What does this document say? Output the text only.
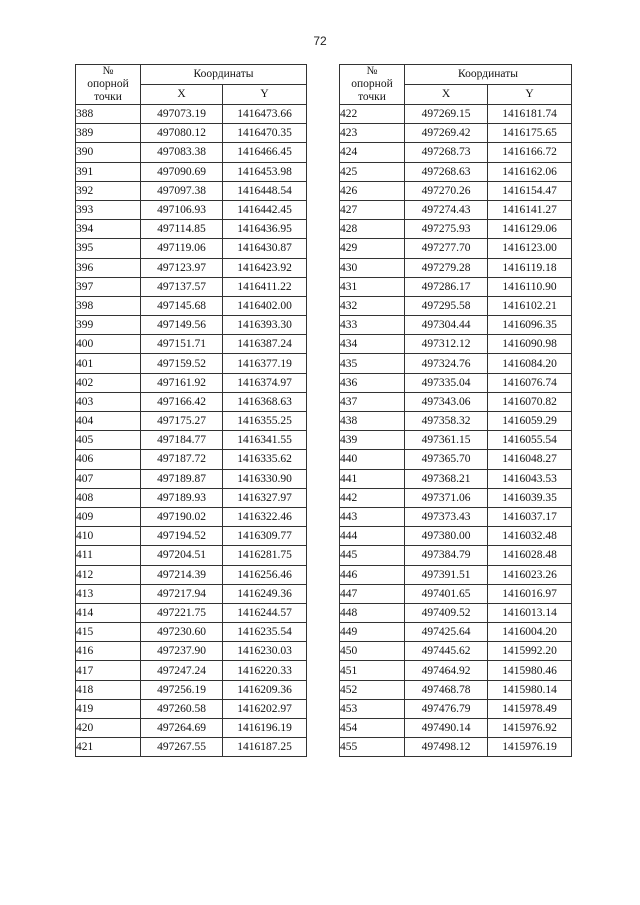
72
№
опорной
точки	Координаты	
	X	Y
388	497073.19	1416473.66
389	497080.12	1416470.35
390	497083.38	1416466.45
391	497090.69	1416453.98
392	497097.38	1416448.54
393	497106.93	1416442.45
394	497114.85	1416436.95
395	497119.06	1416430.87
396	497123.97	1416423.92
397	497137.57	1416411.22
398	497145.68	1416402.00
399	497149.56	1416393.30
400	497151.71	1416387.24
401	497159.52	1416377.19
402	497161.92	1416374.97
403	497166.42	1416368.63
404	497175.27	1416355.25
405	497184.77	1416341.55
406	497187.72	1416335.62
407	497189.87	1416330.90
408	497189.93	1416327.97
409	497190.02	1416322.46
410	497194.52	1416309.77
411	497204.51	1416281.75
412	497214.39	1416256.46
413	497217.94	1416249.36
414	497221.75	1416244.57
415	497230.60	1416235.54
416	497237.90	1416230.03
417	497247.24	1416220.33
418	497256.19	1416209.36
419	497260.58	1416202.97
420	497264.69	1416196.19
421	497267.55	1416187.25
№
опорной
точки	Координаты	
	X	Y
422	497269.15	1416181.74
423	497269.42	1416175.65
424	497268.73	1416166.72
425	497268.63	1416162.06
426	497270.26	1416154.47
427	497274.43	1416141.27
428	497275.93	1416129.06
429	497277.70	1416123.00
430	497279.28	1416119.18
431	497286.17	1416110.90
432	497295.58	1416102.21
433	497304.44	1416096.35
434	497312.12	1416090.98
435	497324.76	1416084.20
436	497335.04	1416076.74
437	497343.06	1416070.82
438	497358.32	1416059.29
439	497361.15	1416055.54
440	497365.70	1416048.27
441	497368.21	1416043.53
442	497371.06	1416039.35
443	497373.43	1416037.17
444	497380.00	1416032.48
445	497384.79	1416028.48
446	497391.51	1416023.26
447	497401.65	1416016.97
448	497409.52	1416013.14
449	497425.64	1416004.20
450	497445.62	1415992.20
451	497464.92	1415980.46
452	497468.78	1415980.14
453	497476.79	1415978.49
454	497490.14	1415976.92
455	497498.12	1415976.19
